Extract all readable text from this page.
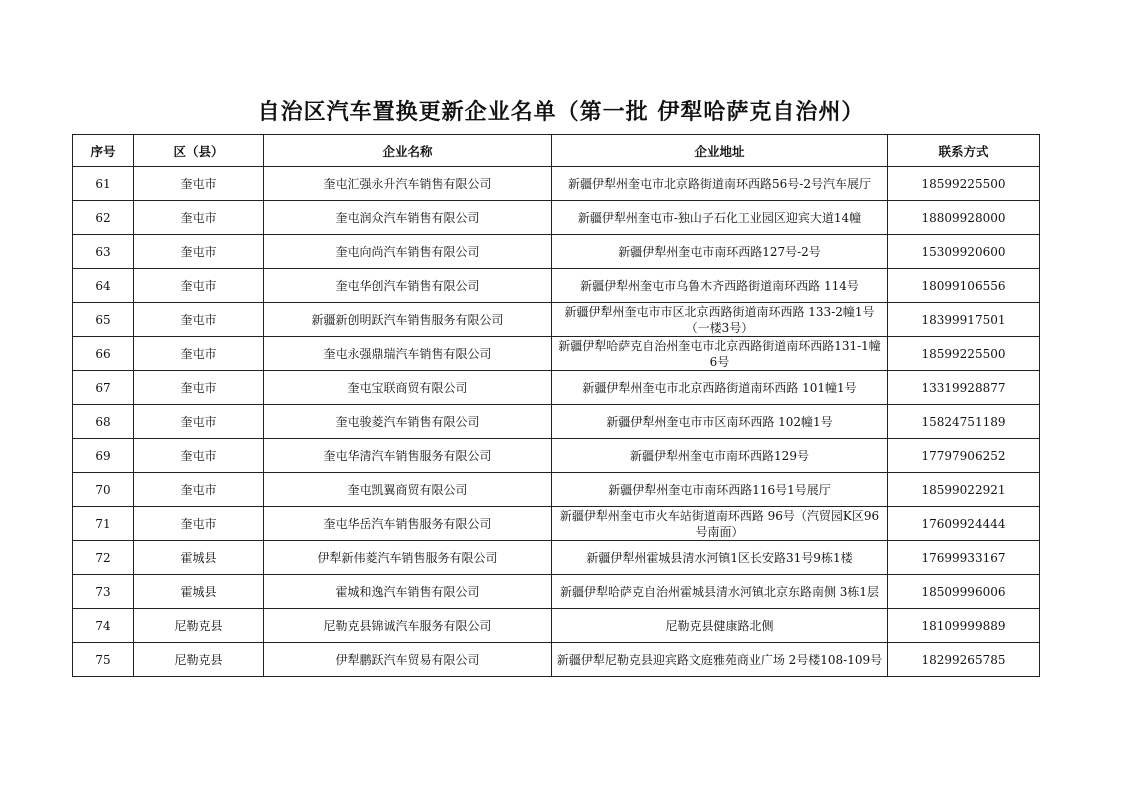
自治区汽车置换更新企业名单（第一批 伊犁哈萨克自治州）
序号	区（县）	企业名称	企业地址	联系方式
61	奎屯市	奎屯汇强永升汽车销售有限公司	新疆伊犁州奎屯市北京路街道南环西路56号-2号汽车展厅	18599225500
62	奎屯市	奎屯润众汽车销售有限公司	新疆伊犁州奎屯市-独山子石化工业园区迎宾大道14幢	18809928000
63	奎屯市	奎屯向尚汽车销售有限公司	新疆伊犁州奎屯市南环西路127号-2号	15309920600
64	奎屯市	奎屯华创汽车销售有限公司	新疆伊犁州奎屯市乌鲁木齐西路街道南环西路 114号	18099106556
65	奎屯市	新疆新创明跃汽车销售服务有限公司	新疆伊犁州奎屯市市区北京西路街道南环西路 133-2幢1号（一楼3号）	18399917501
66	奎屯市	奎屯永强鼎瑞汽车销售有限公司	新疆伊犁哈萨克自治州奎屯市北京西路街道南环西路131-1幢6号	18599225500
67	奎屯市	奎屯宝联商贸有限公司	新疆伊犁州奎屯市北京西路街道南环西路 101幢1号	13319928877
68	奎屯市	奎屯骏菱汽车销售有限公司	新疆伊犁州奎屯市市区南环西路 102幢1号	15824751189
69	奎屯市	奎屯华清汽车销售服务有限公司	新疆伊犁州奎屯市南环西路129号	17797906252
70	奎屯市	奎屯凯翼商贸有限公司	新疆伊犁州奎屯市南环西路116号1号展厅	18599022921
71	奎屯市	奎屯华岳汽车销售服务有限公司	新疆伊犁州奎屯市火车站街道南环西路 96号（汽贸园K区96号南面）	17609924444
72	霍城县	伊犁新伟菱汽车销售服务有限公司	新疆伊犁州霍城县清水河镇1区长安路31号9栋1楼	17699933167
73	霍城县	霍城和逸汽车销售有限公司	新疆伊犁哈萨克自治州霍城县清水河镇北京东路南侧 3栋1层	18509996006
74	尼勒克县	尼勒克县锦诚汽车服务有限公司	尼勒克县健康路北侧	18109999889
75	尼勒克县	伊犁鹏跃汽车贸易有限公司	新疆伊犁尼勒克县迎宾路文庭雅苑商业广场 2号楼108-109号	18299265785
